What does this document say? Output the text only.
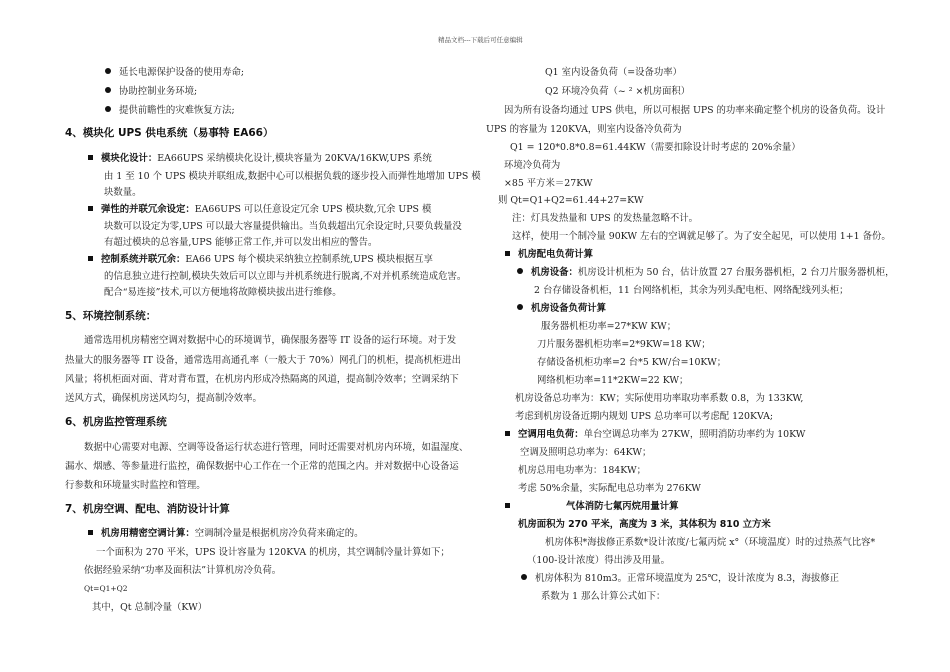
精品文档---下载后可任意编辑
延长电源保护设备的使用寿命;
协助控制业务环境;
提供前瞻性的灾难恢复方法;
4、模块化 UPS 供电系统（易事特 EA66）
模块化设计：EA66UPS 采纳模块化设计,模块容量为 20KVA/16KW,UPS 系统
由 1 至 10 个 UPS 模块并联组成,数据中心可以根据负载的逐步投入而弹性地增加 UPS 模
块数量。
弹性的并联冗余设定：EA66UPS 可以任意设定冗余 UPS 模块数,冗余 UPS 模
块数可以设定为零,UPS 可以最大容量提供输出。当负载超出冗余设定时,只要负载量没
有超过模块的总容量,UPS 能够正常工作,并可以发出相应的警告。
控制系统并联冗余：EA66 UPS 每个模块采纳独立控制系统,UPS 模块根据互享
的信息独立进行控制,模块失效后可以立即与并机系统进行脱离,不对并机系统造成危害。
配合“易连接”技术,可以方便地将故障模块拔出进行维修。
5、环境控制系统：
通常选用机房精密空调对数据中心的环境调节，确保服务器等 IT 设备的运行环境。对于发
热量大的服务器等 IT 设备，通常选用高通孔率（一般大于 70%）网孔门的机柜，提高机柜进出
风量；将机柜面对面、背对背布置，在机房内形成冷热隔离的风道，提高制冷效率；空调采纳下
送风方式，确保机房送风均匀，提高制冷效率。
6、机房监控管理系统
数据中心需要对电源、空调等设备运行状态进行管理，同时还需要对机房内环境，如温湿度、
漏水、烟感、等参量进行监控，确保数据中心工作在一个正常的范围之内。并对数据中心设备运
行参数和环境量实时监控和管理。
7、机房空调、配电、消防设计计算
机房用精密空调计算：空调制冷量是根据机房冷负荷来确定的。
一个面积为 270 平米，UPS 设计容量为 120KVA 的机房，其空调制冷量计算如下；
依据经验采纳“功率及面积法”计算机房冷负荷。
Qt=Q1+Q2
其中，Qt 总制冷量（KW）
Q1 室内设备负荷（=设备功率）
Q2 环境冷负荷（~ ² ×机房面积）
因为所有设备均通过 UPS 供电，所以可根据 UPS 的功率来确定整个机房的设备负荷。设计
UPS 的容量为 120KVA，则室内设备冷负荷为
Q1 = 120*0.8*0.8=61.44KW（需要扣除设计时考虑的 20%余量）
环境冷负荷为
×85 平方米＝27KW
则 Qt=Q1+Q2=61.44+27=KW
注：灯具发热量和 UPS 的发热量忽略不计。
这样，使用一个制冷量 90KW 左右的空调就足够了。为了安全起见，可以使用 1+1 备份。
机房配电负荷计算
机房设备：机房设计机柜为 50 台，估计放置 27 台服务器机柜，2 台刀片服务器机柜，
2 台存储设备机柜，11 台网络机柜，其余为列头配电柜、网络配线列头柜；
机房设备负荷计算
服务器机柜功率=27*KW KW；
刀片服务器机柜功率=2*9KW=18 KW；
存储设备机柜功率=2 台*5 KW/台=10KW；
网络机柜功率=11*2KW=22 KW；
机房设备总功率为：KW；实际使用功率取功率系数 0.8，为 133KW,
考虑到机房设备近期内规划 UPS 总功率可以考虑配 120KVA;
空调用电负荷：单台空调总功率为 27KW，照明消防功率约为 10KW
空调及照明总功率为：64KW；
机房总用电功率为：184KW；
考虑 50%余量，实际配电总功率为 276KW
气体消防七氟丙烷用量计算
机房面积为 270 平米，高度为 3 米，其体积为 810 立方米
机房体积*海拔修正系数*设计浓度/七氟丙烷 x°（环境温度）时的过热蒸气比容*
（100-设计浓度）得出涉及用量。
机房体积为 810m3。正常环境温度为 25℃，设计浓度为 8.3，海拔修正
系数为 1 那么计算公式如下：
